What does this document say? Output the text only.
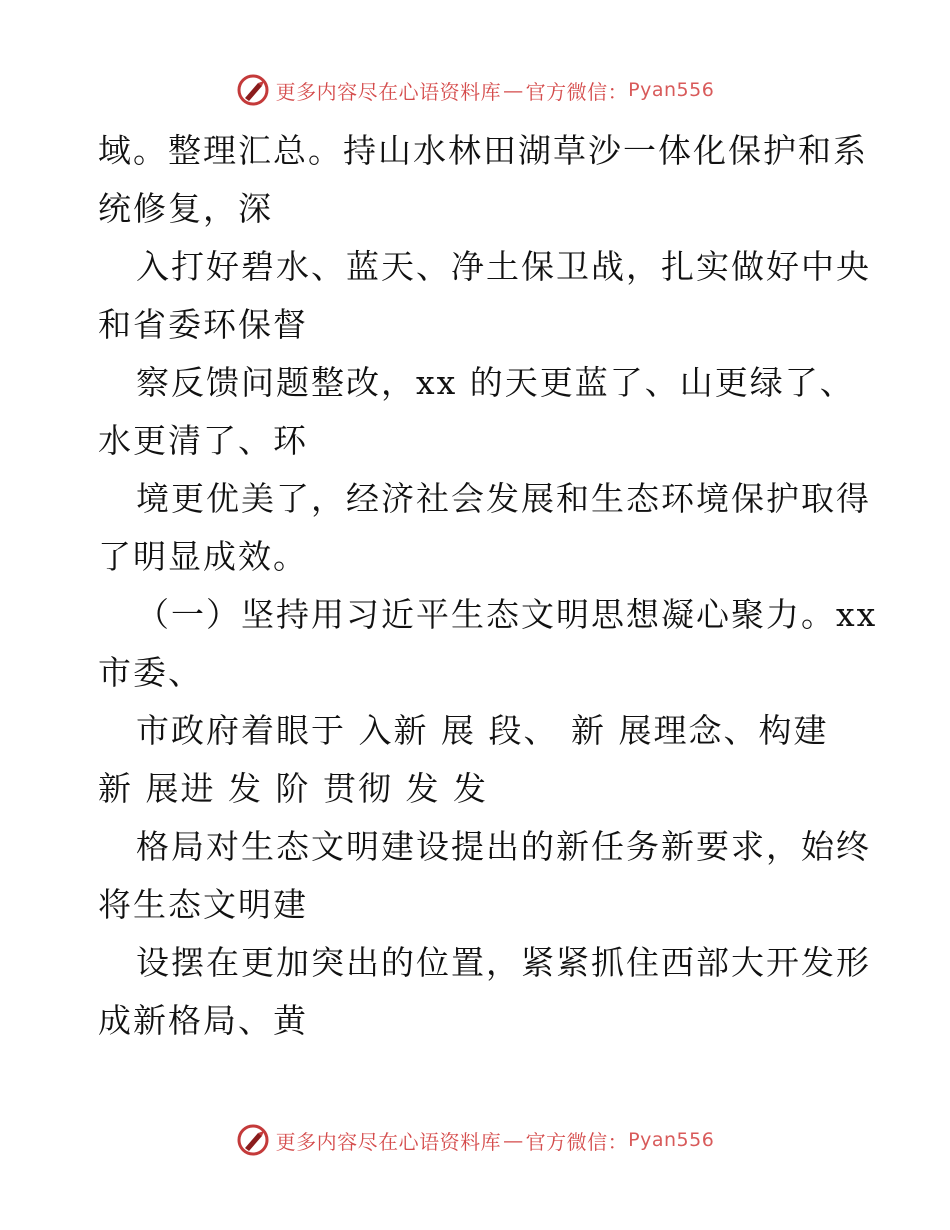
更多内容尽在心语资料库 — 官方微信： Pyan556
域。整理汇总。持山水林田湖草沙一体化保护和系
统修复，深
入打好碧水、蓝天、净土保卫战，扎实做好中央
和省委环保督
察反馈问题整改，xx 的天更蓝了、山更绿了、
水更清了、环
境更优美了，经济社会发展和生态环境保护取得
了明显成效。
（一）坚持用习近平生态文明思想凝心聚力。xx
市委、
市政府着眼于 入新 展 段、 新 展理念、构建
新 展进 发 阶 贯彻 发 发
格局对生态文明建设提出的新任务新要求，始终
将生态文明建
设摆在更加突出的位置，紧紧抓住西部大开发形
成新格局、黄
更多内容尽在心语资料库 — 官方微信： Pyan556
